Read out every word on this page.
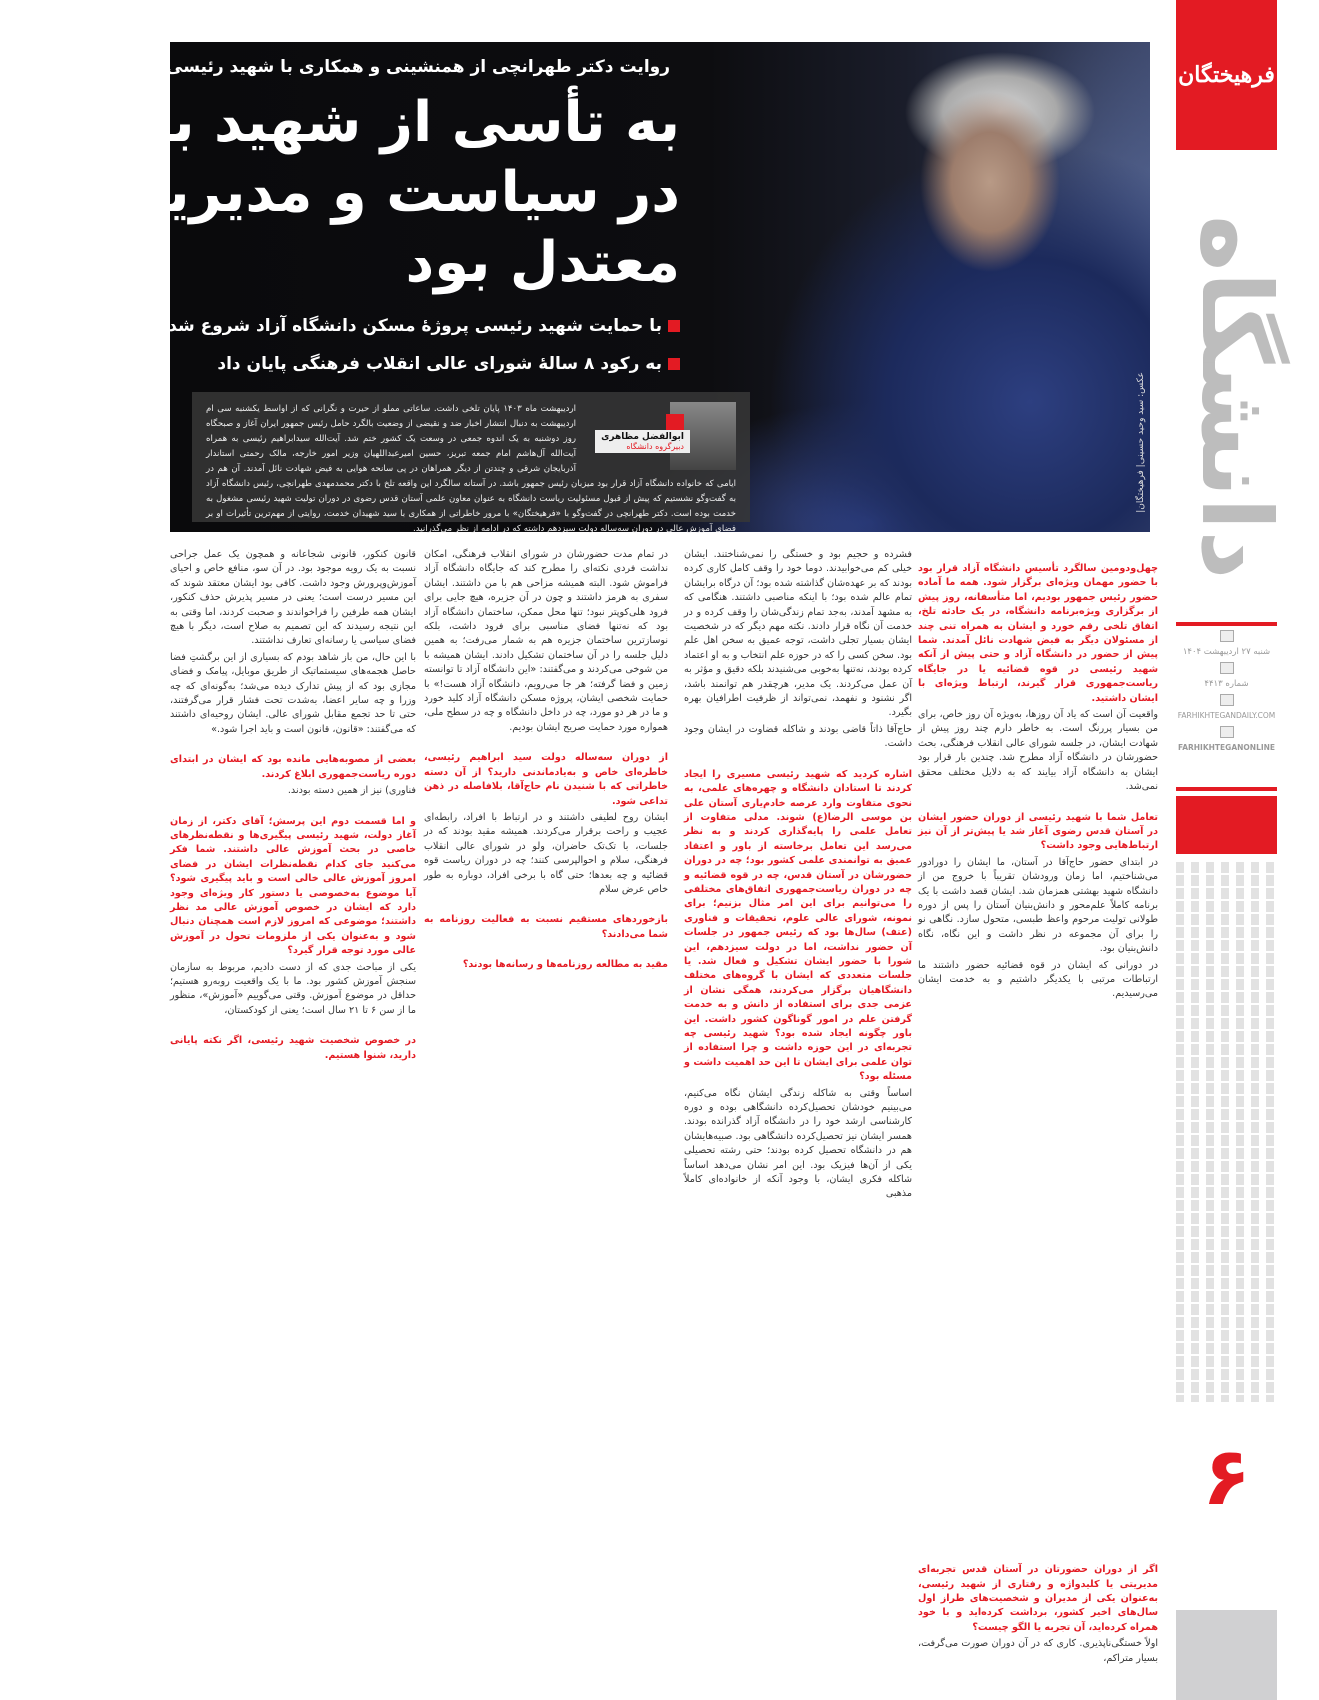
روایت دکتر طهرانچی از همنشینی و همکاری با شهید رئیسی:
به تأسی از شهید بهشتی
در سیاست و مدیریت
معتدل بود
با حمایت شهید رئیسی پروژۀ مسکن دانشگاه آزاد شروع شد
به رکود ۸ سالۀ شورای عالی انقلاب فرهنگی پایان داد
عکس: سید وحید حسینی| فرهیختگان|
ابوالفضل مظاهری
دبیرگروه دانشگاه

اردیبهشت ماه ۱۴۰۳ پایان تلخی داشت. ساعاتی مملو از حیرت و نگرانی که از اواسط یکشنبه سی ام اردیبهشت به دنبال انتشار اخبار ضد و نقیضی از وضعیت بالگرد حامل رئیس جمهور ایران آغاز و صبحگاه روز دوشنبه به یک اندوه جمعی در وسعت یک کشور ختم شد. آیت‌الله سیدابراهیم رئیسی به همراه آیت‌الله آل‌هاشم امام جمعه تبریز، حسین امیرعبداللهیان وزیر امور خارجه، مالک رحمتی استاندار آذربایجان شرقی و چندتن از دیگر همراهان در پی سانحه هوایی به فیض شهادت نائل آمدند. آن هم در ایامی که خانواده دانشگاه آزاد قرار بود میزبان رئیس جمهور باشد. در آستانه سالگرد این واقعه تلخ با دکتر محمدمهدی طهرانچی، رئیس دانشگاه آزاد به گفت‌وگو نشستیم که پیش از قبول مسئولیت ریاست دانشگاه به عنوان معاون علمی آستان قدس رضوی در دوران تولیت شهید رئیسی مشغول به خدمت بوده است. دکتر طهرانچی در گفت‌وگو با «فرهیختگان» با مرور خاطراتی از همکاری با سید شهیدان خدمت، روایتی از مهم‌ترین تأثیرات او بر فضای آموزش عالی در دوران سه‌ساله دولت سیزدهم داشته که در ادامه از نظر می‌گذرانید.

چهل‌ودومین سالگرد تأسیس دانشگاه آزاد قرار بود با حضور مهمان ویژه‌ای برگزار شود. همه ما آماده حضور رئیس جمهور بودیم، اما متأسفانه، روز پیش از برگزاری ویژه‌برنامه دانشگاه، در یک حادثه تلخ، اتفاق تلخی رقم خورد و ایشان به همراه تنی چند از مسئولان دیگر به فیض شهادت نائل آمدند. شما پیش از حضور در دانشگاه آزاد و حتی پیش از آنکه شهید رئیسی در قوه قضائیه یا در جایگاه ریاست‌جمهوری قرار گیرند، ارتباط ویژه‌ای با ایشان داشتید.

واقعیت آن است که یاد آن روزها، به‌ویژه آن روز خاص، برای من بسیار پررنگ است. به خاطر دارم چند روز پیش از شهادت ایشان، در جلسه شورای عالی انقلاب فرهنگی، بحث حضورشان در دانشگاه آزاد مطرح شد. چندین بار قرار بود ایشان به دانشگاه آزاد بیایند که به دلایل مختلف محقق نمی‌شد.

تعامل شما با شهید رئیسی از دوران حضور ایشان در آستان قدس رضوی آغاز شد یا پیش‌تر از آن نیز ارتباط‌هایی وجود داشت؟

در ابتدای حضور حاج‌آقا در آستان، ما ایشان را دورادور می‌شناختیم، اما زمان ورودشان تقریباً با خروج من از دانشگاه شهید بهشتی همزمان شد. ایشان قصد داشت با یک برنامه کاملاً علم‌محور و دانش‌بنیان آستان را پس از دوره طولانی تولیت مرحوم واعظ طبسی، متحول سازد. نگاهی نو را برای آن مجموعه در نظر داشت و این نگاه، نگاه دانش‌بنیان بود.

در دورانی که ایشان در قوه قضائیه حضور داشتند ما ارتباطات مرتبی با یکدیگر داشتیم و به خدمت ایشان می‌رسیدیم.

اگر از دوران حضورتان در آستان قدس تجربه‌ای مدیریتی یا کلیدواژه و رفتاری از شهید رئیسی، به‌عنوان یکی از مدیران و شخصیت‌های طراز اول سال‌های اخیر کشور، برداشت کرده‌اید و با خود همراه کرده‌اید، آن تجربه یا الگو چیست؟

اولاً خستگی‌ناپذیری. کاری که در آن دوران صورت می‌گرفت، بسیار متراکم،

فشرده و حجیم بود و خستگی را نمی‌شناختند. ایشان خیلی کم می‌خوابیدند. دوما خود را وقف کامل کاری کرده بودند که بر عهده‌شان گذاشته شده بود؛ آن درگاه برایشان تمام عالم شده بود؛ با اینکه مناصبی داشتند. هنگامی که به مشهد آمدند، به‌جد تمام زندگی‌شان را وقف کرده و در خدمت آن نگاه قرار دادند. نکته مهم دیگر که در شخصیت ایشان بسیار تجلی داشت، توجه عمیق به سخن اهل علم بود. سخن کسی را که در حوزه علم انتخاب و به او اعتماد کرده بودند، نه‌تنها به‌خوبی می‌شنیدند بلکه دقیق و مؤثر به آن عمل می‌کردند. یک مدیر، هرچقدر هم توانمند باشد، اگر نشنود و نفهمد، نمی‌تواند از ظرفیت اطرافیان بهره بگیرد.

حاج‌آقا ذاتاً قاضی بودند و شاکله قضاوت در ایشان وجود داشت.

اشاره کردید که شهید رئیسی مسیری را ایجاد کردند تا استادان دانشگاه و چهره‌های علمی، به نحوی متفاوت وارد عرصه خادم‌یاری آستان علی بن موسی الرضا(ع) شوند. مدلی متفاوت از تعامل علمی را پایه‌گذاری کردند و به نظر می‌رسد این تعامل برخاسته از باور و اعتقاد عمیق به توانمندی علمی کشور بود؛ چه در دوران حضورشان در آستان قدس، چه در قوه قضائیه و چه در دوران ریاست‌جمهوری اتفاق‌های مختلفی را می‌توانیم برای این امر مثال بزنیم؛ برای نمونه، شورای عالی علوم، تحقیقات و فناوری (عتف) سال‌ها بود که رئیس جمهور در جلسات آن حضور نداشت، اما در دولت سیزدهم، این شورا با حضور ایشان تشکیل و فعال شد. یا جلسات متعددی که ایشان با گروه‌های مختلف دانشگاهیان برگزار می‌کردند، همگی نشان از عزمی جدی برای استفاده از دانش و به خدمت گرفتن علم در امور گوناگون کشور داشت. این باور چگونه ایجاد شده بود؟ شهید رئیسی چه تجربه‌ای در این حوزه داشت و چرا استفاده از توان علمی برای ایشان تا این حد اهمیت داشت و مسئله بود؟

اساساً وقتی به شاکله زندگی ایشان نگاه می‌کنیم، می‌بینیم خودشان تحصیل‌کرده دانشگاهی بوده و دوره کارشناسی ارشد خود را در دانشگاه آزاد گذرانده بودند. همسر ایشان نیز تحصیل‌کرده دانشگاهی بود. صبیه‌هایشان هم در دانشگاه تحصیل کرده بودند؛ حتی رشته تحصیلی یکی از آن‌ها فیزیک بود. این امر نشان می‌دهد اساساً شاکله فکری ایشان، با وجود آنکه از خانواده‌ای کاملاً مذهبی

در تمام مدت حضورشان در شورای انقلاب فرهنگی، امکان نداشت فردی نکته‌ای را مطرح کند که جایگاه دانشگاه آزاد فراموش شود. البته همیشه مزاحی هم با من داشتند. ایشان سفری به هرمز داشتند و چون در آن جزیره، هیچ جایی برای فرود هلی‌کوپتر نبود؛ تنها محل ممکن، ساختمان دانشگاه آزاد بود که نه‌تنها فضای مناسبی برای فرود داشت، بلکه نوسازترین ساختمان جزیره هم به شمار می‌رفت؛ به همین دلیل جلسه را در آن ساختمان تشکیل دادند. ایشان همیشه با من شوخی می‌کردند و می‌گفتند: «این دانشگاه آزاد تا توانسته زمین و فضا گرفته؛ هر جا می‌رویم، دانشگاه آزاد هست!» با حمایت شخصی ایشان، پروژه مسکن دانشگاه آزاد کلید خورد و ما در هر دو مورد، چه در داخل دانشگاه و چه در سطح ملی، همواره مورد حمایت صریح ایشان بودیم.

از دوران سه‌ساله دولت سید ابراهیم رئیسی، خاطره‌ای خاص و به‌یادماندنی دارید؟ از آن دسته خاطراتی که با شنیدن نام حاج‌آقا، بلافاصله در ذهن تداعی شود.

ایشان روح لطیفی داشتند و در ارتباط با افراد، رابطه‌ای عجیب و راحت برقرار می‌کردند. همیشه مقید بودند که در جلسات، با تک‌تک حاضران، ولو در شورای عالی انقلاب فرهنگی، سلام و احوالپرسی کنند؛ چه در دوران ریاست قوه قضائیه و چه بعدها؛ حتی گاه با برخی افراد، دوباره به طور خاص عرض سلام

بازخوردهای مستقیم نسبت به فعالیت روزنامه به شما می‌دادند؟

مقید به مطالعه روزنامه‌ها و رسانه‌ها بودند؟

قانون کنکور، قانونی شجاعانه و همچون یک عمل جراحی نسبت به یک رویه موجود بود. در آن سو، منافع خاص و احیای آموزش‌وپرورش وجود داشت. کافی بود ایشان معتقد شوند که این مسیر درست است؛ یعنی در مسیر پذیرش حذف کنکور، ایشان همه طرفین را فراخواندند و صحبت کردند، اما وقتی به این نتیجه رسیدند که این تصمیم به صلاح است، دیگر با هیچ فضای سیاسی یا رسانه‌ای تعارف نداشتند.

با این حال، من باز شاهد بودم که بسیاری از این برگشتِ فضا حاصل هجمه‌های سیستماتیک از طریق موبایل، پیامک و فضای مجازی بود که از پیش تدارک دیده می‌شد؛ به‌گونه‌ای که چه وزرا و چه سایر اعضا، به‌شدت تحت فشار قرار می‌گرفتند، حتی تا حد تجمع مقابل شورای عالی. ایشان روحیه‌ای داشتند که می‌گفتند: «قانون، قانون است و باید اجرا شود.»

بعضی از مصوبه‌هایی مانده بود که ایشان در ابتدای دوره ریاست‌جمهوری ابلاغ کردند.

فناوری) نیز از همین دسته بودند.

و اما قسمت دوم این پرسش؛ آقای دکتر، از زمان آغاز دولت، شهید رئیسی پیگیری‌ها و نقطه‌نظرهای خاصی در بحث آموزش عالی داشتند. شما فکر می‌کنید جای کدام نقطه‌نظرات ایشان در فضای امروز آموزش عالی خالی است و باید پیگیری شود؟ آیا موضوع به‌خصوصی یا دستور کار ویژه‌ای وجود دارد که ایشان در خصوص آموزش عالی مد نظر داشتند؛ موضوعی که امروز لازم است همچنان دنبال شود و به‌عنوان یکی از ملزومات تحول در آموزش عالی مورد توجه قرار گیرد؟

یکی از مباحث جدی که از دست دادیم، مربوط به سازمان سنجش آموزش کشور بود. ما با یک واقعیت روبه‌رو هستیم؛ حداقل در موضوع آموزش. وقتی می‌گوییم «آموزش»، منظور ما از سن ۶ تا ۲۱ سال است؛ یعنی از کودکستان،

در خصوص شخصیت شهید رئیسی، اگر نکته پایانی دارید، شنوا هستیم.

فرهیختگان
دانشگاه
شنبه ۲۷ اردیبهشت ۱۴۰۴
شماره ۴۴۱۳
FARHIKHTEGANDAILY.COM
FARHIKHTEGANONLINE
۶
